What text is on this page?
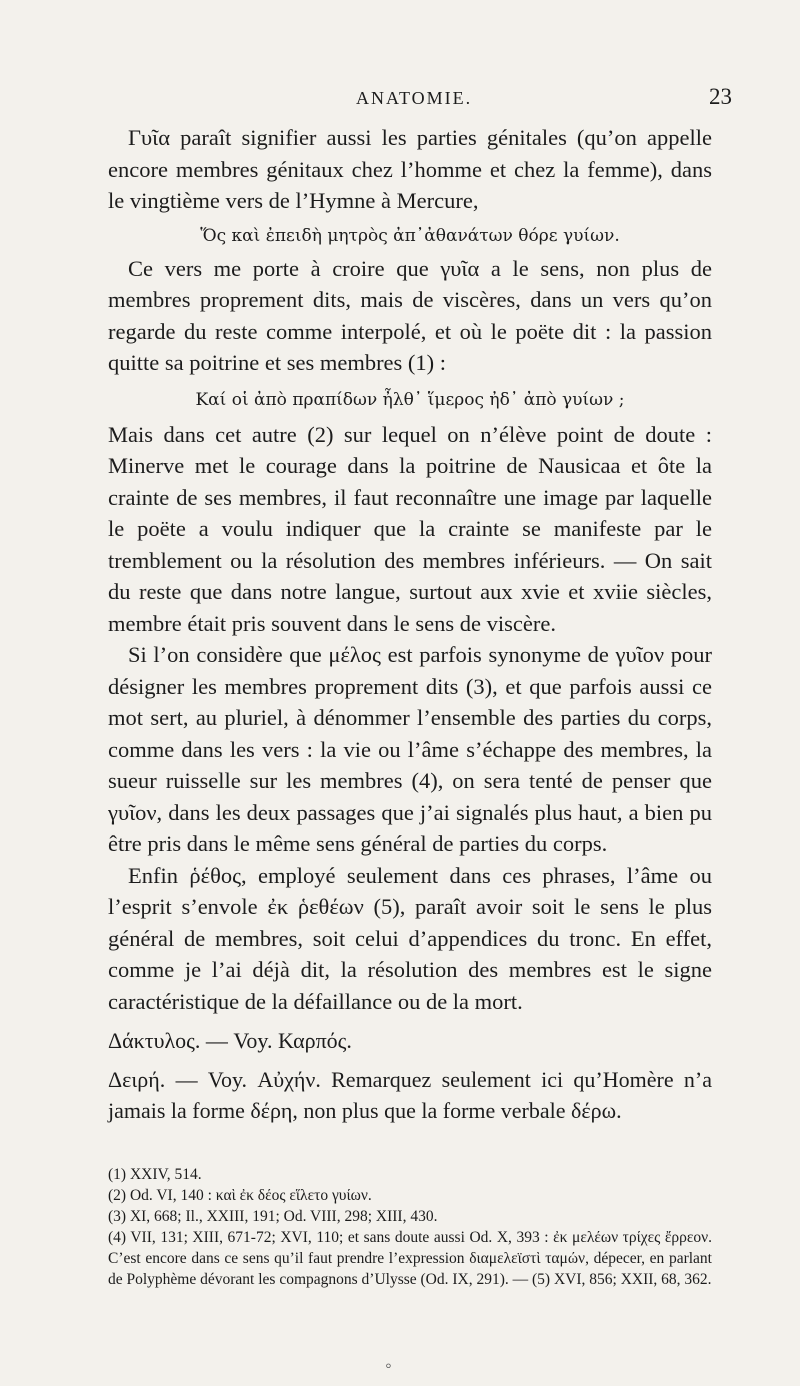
ANATOMIE.	23

Γυῖα paraît signifier aussi les parties génitales (qu’on appelle encore membres génitaux chez l’homme et chez la femme), dans le vingtième vers de l’Hymne à Mercure,

Ὅς καὶ ἐπειδὴ μητρὸς ἀπ᾽ἀθανάτων θόρε γυίων.

Ce vers me porte à croire que γυῖα a le sens, non plus de membres proprement dits, mais de viscères, dans un vers qu’on regarde du reste comme interpolé, et où le poëte dit : la passion quitte sa poitrine et ses membres (1) :

Καί οἱ ἀπὸ πραπίδων ἦλθ᾽ ἵμερος ἠδ᾽ ἀπὸ γυίων ;

Mais dans cet autre (2) sur lequel on n’élève point de doute : Minerve met le courage dans la poitrine de Nausicaa et ôte la crainte de ses membres, il faut reconnaître une image par laquelle le poëte a voulu indiquer que la crainte se manifeste par le tremblement ou la résolution des membres inférieurs. — On sait du reste que dans notre langue, surtout aux xvie et xviie siècles, membre était pris souvent dans le sens de viscère.

Si l’on considère que μέλος est parfois synonyme de γυῖον pour désigner les membres proprement dits (3), et que parfois aussi ce mot sert, au pluriel, à dénommer l’ensemble des parties du corps, comme dans les vers : la vie ou l’âme s’échappe des membres, la sueur ruisselle sur les membres (4), on sera tenté de penser que γυῖον, dans les deux passages que j’ai signalés plus haut, a bien pu être pris dans le même sens général de parties du corps.

Enfin ῥέθος, employé seulement dans ces phrases, l’âme ou l’esprit s’envole ἐκ ῥεθέων (5), paraît avoir soit le sens le plus général de membres, soit celui d’appendices du tronc. En effet, comme je l’ai déjà dit, la résolution des membres est le signe caractéristique de la défaillance ou de la mort.

Δάκτυλος. — Voy. Καρπός.

Δειρή. — Voy. Αὐχήν. Remarquez seulement ici qu’Homère n’a jamais la forme δέρη, non plus que la forme verbale δέρω.

(1) XXIV, 514.

(2) Od. VI, 140 : καὶ ἐκ δέος εἵλετο γυίων.

(3) XI, 668; Il., XXIII, 191; Od. VIII, 298; XIII, 430.

(4) VII, 131; XIII, 671-72; XVI, 110; et sans doute aussi Od. X, 393 : ἐκ μελέων τρίχες ἔρρεον. C’est encore dans ce sens qu’il faut prendre l’expression διαμελεϊστὶ ταμών, dépecer, en parlant de Polyphème dévorant les compagnons d’Ulysse (Od. IX, 291). — (5) XVI, 856; XXII, 68, 362.

⸰
